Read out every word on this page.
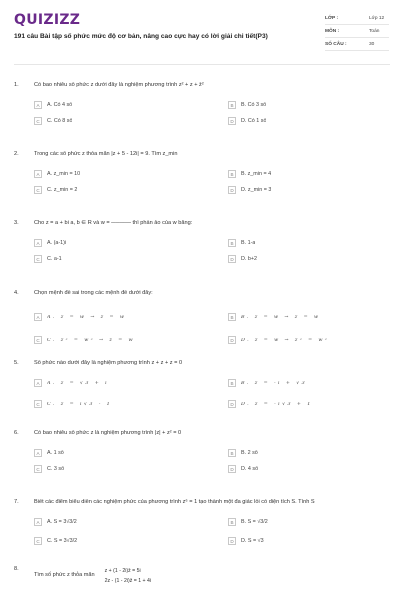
QUIZIZZ
191 câu Bài tập số phức mức độ cơ bản, nâng cao cực hay có lời giải chi tiết(P3)
LỚP :	Lớp 12
MÔN :	Toán
SỐ CÂU :	30
1.	Có bao nhiêu số phức z dưới đây là nghiệm phương trình z² + z + z̄²
A	A. Có 4 số	B	B. Có 3 số
C	C. Có 8 số	D	D. Có 1 số
2.	Trong các số phức z thỏa mãn |z + 5 - 12i| = 9. Tìm z_min
A	A. z_min = 10	B	B. z_min = 4
C	C. z_min = 2	D	D. z_min = 3
3.	Cho z = a + bi a, b ∈ R và w = ───── thì phần ảo của w bằng:
A	A. (a-1)i	B	B. 1-a
C	C. a-1	D	D. b+2
4.	Chọn mệnh đề sai trong các mệnh đề dưới đây:
A	A. z = w → z = w	B	B. z = w → z = w
C	C. z² = w² → z = w	D	D. z = w → z² = w²
5.	Số phức nào dưới đây là nghiệm phương trình z + z + z = 0
A	A. z = √3 + i	B	B. z = -i + √3
C	C. z = i√3 - 1	D	D. z = -i√3 + 1
6.	Có bao nhiêu số phức z là nghiệm phương trình |z| + z² = 0
A	A. 1 số	B	B. 2 số
C	C. 3 số	D	D. 4 số
7.	Biết các điểm biểu diễn các nghiệm phức của phương trình z⁶ = 1 tạo thành một đa giác lồi có diện tích S. Tính S
A	A. S = 3√3/2	B	B. S = √3/2
C	C. S = 3√3/2	D	D. S = √3
8.
Tìm số phức z thỏa mãn
z + (1 - 2i)z̄ = 5i
2z - (1 - 2i)z̄ = 1 + 4i
